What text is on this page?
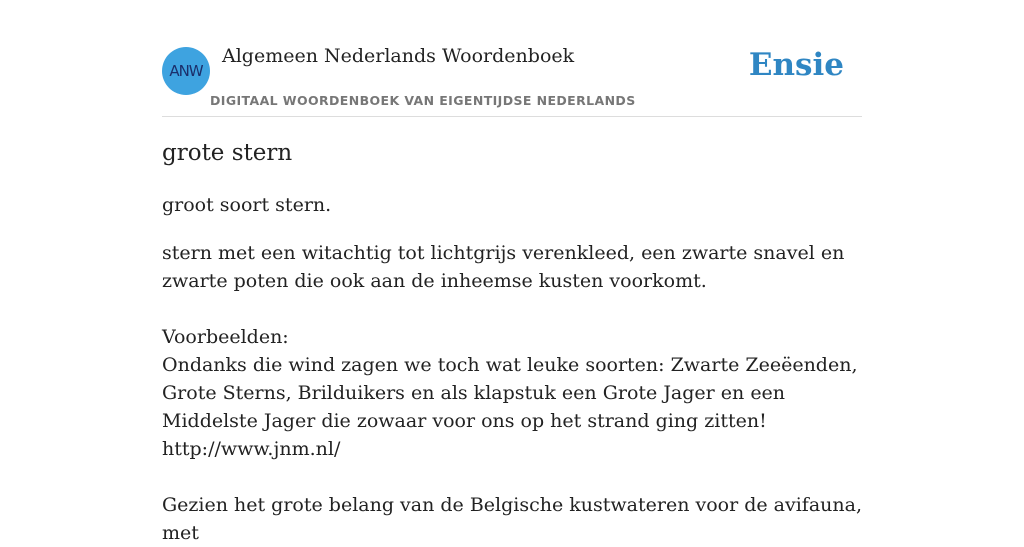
ANW
Algemeen Nederlands Woordenboek
DIGITAAL WOORDENBOEK VAN EIGENTIJDSE NEDERLANDS
Ensie
grote stern

groot soort stern.

stern met een witachtig tot lichtgrijs verenkleed, een zwarte snavel en zwarte poten die ook aan de inheemse kusten voorkomt.

Voorbeelden:

Ondanks die wind zagen we toch wat leuke soorten: Zwarte Zeeëenden, Grote Sterns, Brilduikers en als klapstuk een Grote Jager en een Middelste Jager die zowaar voor ons op het strand ging zitten!

http://www.jnm.nl/

Gezien het grote belang van de Belgische kustwateren voor de avifauna, met
